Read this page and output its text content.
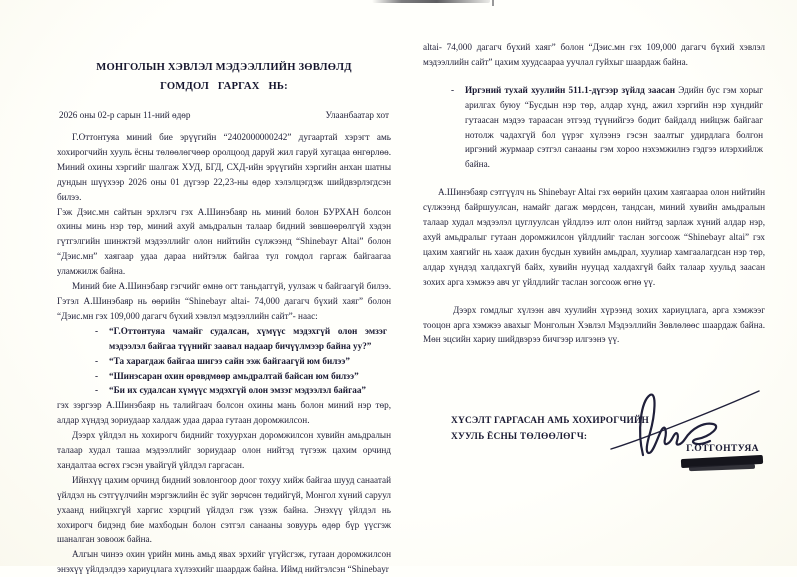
МОНГОЛЫН ХЭВЛЭЛ МЭДЭЭЛЛИЙН ЗӨВЛӨЛД
ГОМДОЛ ГАРГАХ НЬ:
2026 оны 02-р сарын 11-ний өдөр	Улаанбаатар хот

Г.Оттонтуяа миний бие эрүүгийн “2402000000242” дугаартай хэрэгт амь хохирогчийн хууль ёсны төлөөлөгчөөр оролцоод даруй жил гаруй хугацаа өнгөрлөө. Миний охины хэргийг шалгаж ХУД, БГД, СХД-ийн эрүүгийн хэргийн анхан шатны дундын шүүхээр 2026 оны 01 дүгээр 22,23-ны өдөр хэлэлцэгдэж шийдвэрлэгдсэн билээ.

Гэж Дэис.мн сайтын эрхлэгч гэх А.Шинэбаяр нь миний болон БУРХАН болсон охины минь нэр төр, миний ахуй амьдралын талаар бидний зөвшөөрөлгүй хэдэн гүтгэлгийн шинжтэй мэдээллийг олон нийтийн сүлжээнд “Shinebayr Altai” болон “Дэис.мн” хаягаар удаа дараа нийтэлж байгаа тул гомдол гаргаж байгаагаа уламжилж байна.

Миний бие А.Шинэбаяр гэгчийг өмнө огт таньдаггүй, уулзаж ч байгаагүй билээ. Гэтэл А.Шинэбаяр нь өөрийн “Shinebayr altai- 74,000 дагагч бүхий хаяг” болон “Дэис.мн гэх 109,000 дагагч бүхий хэвлэл мэдээллийн сайт”- наас:

-	“Г.Оттонтуяа чамайг судалсан, хүмүүс мэдэхгүй олон эмзэг мэдээлэл байгаа түүнийг заавал надаар бичүүлмээр байна уу?”
-	“Та харагдаж байгаа шигээ сайн ээж байгаагүй юм билээ”
-	“Шинэсаран охин өрөвдмөөр амьдралтай байсан юм билээ”
-	“Би их судалсан хүмүүс мэдэхгүй олон эмзэг мэдээлэл байгаа”

гэх зэргээр А.Шинэбаяр нь талийгаач болсон охины мань болон миний нэр төр, алдар хүндэд зориудаар халдаж удаа дараа гутаан доромжилсон.

Дээрх үйлдэл нь хохирогч биднийг тохуурхан доромжилсон хувийн амьдралын талаар худал ташаа мэдээллийг зориудаар олон нийтэд түгээж цахим орчинд хандалтаа өсгөх гэсэн увайгүй үйлдэл гаргасан.

Ийнхүү цахим орчинд бидний зовлонгоор доог тохуу хийж байгаа шууд санаатай үйлдэл нь сэтгүүлчийн мэргэжлийн ёс зүйг зөрчсөн төдийгүй, Монгол хүний саруул ухаанд нийцэхгүй харгис хэрцгий үйлдэл гэж үзэж байна. Энэхүү үйлдэл нь хохирогч бидэнд бие махбодын болон сэтгэл санааны зовуурь өдөр бүр үүсгэж шаналган зовоож байна.

Алгын чинээ охин үрийн минь амьд явах эрхийг үгүйсгэж, гутаан доромжилсон энэхүү үйлдэлдээ хариуцлага хүлээхийг шаардаж байна. Иймд нийтэлсэн “Shinebayr

altai- 74,000 дагагч бүхий хаяг” болон “Дэис.мн гэх 109,000 дагагч бүхий хэвлэл мэдээллийн сайт” цахим хуудсаараа уучлал гуйхыг шаардаж байна.

-	Иргэний тухай хуулийн 511.1-дүгээр зүйлд заасан Эдийн бус гэм хорыг арилгах буюу “Бусдын нэр төр, алдар хүнд, ажил хэргийн нэр хүндийг гутаасан мэдээ тараасан этгээд түүнийгээ бодит байдалд нийцэж байгааг нотолж чадахгүй бол үүрэг хүлээнэ гэсэн заалтыг удирдлага болгон иргэний журмаар сэтгэл санааны гэм хороо нэхэмжилнэ гэдгээ илэрхийлж байна.

А.Шинэбаяр сэтгүүлч нь Shinebayr Altai гэх өөрийн цахим хаягаараа олон нийтийн сүлжээнд байршуулсан, намайг дагаж мөрдсөн, тандсан, миний хувийн амьдралын талаар худал мэдээлэл цуглуулсан үйлдлээ илт олон нийтэд зарлаж хүний алдар нэр, ахуй амьдралыг гутаан доромжилсон үйлдлийг таслан зогсоож “Shinebayr altai” гэх цахим хаягийг нь хааж дахин бусдын хувийн амьдрал, хуулиар хамгаалагдсан нэр төр, алдар хүндэд халдахгүй байх, хувийн нууцад халдахгүй байх талаар хуульд заасан зохих арга хэмжээ авч уг үйлдлийг таслан зогсоож өгнө үү.

Дээрх гомдлыг хүлээн авч хуулийн хүрээнд зохих хариуцлага, арга хэмжээг тооцон арга хэмжээ авахыг Монголын Хэвлэл Мэдээллийн Зөвлөлөөс шаардаж байна. Мөн эцсийн хариу шийдвэрээ бичгээр илгээнэ үү.

ХҮСЭЛТ ГАРГАСАН АМЬ ХОХИРОГЧИЙН
ХУУЛЬ ЁСНЫ ТӨЛӨӨЛӨГЧ:
Г.ОТГОНТУЯА
